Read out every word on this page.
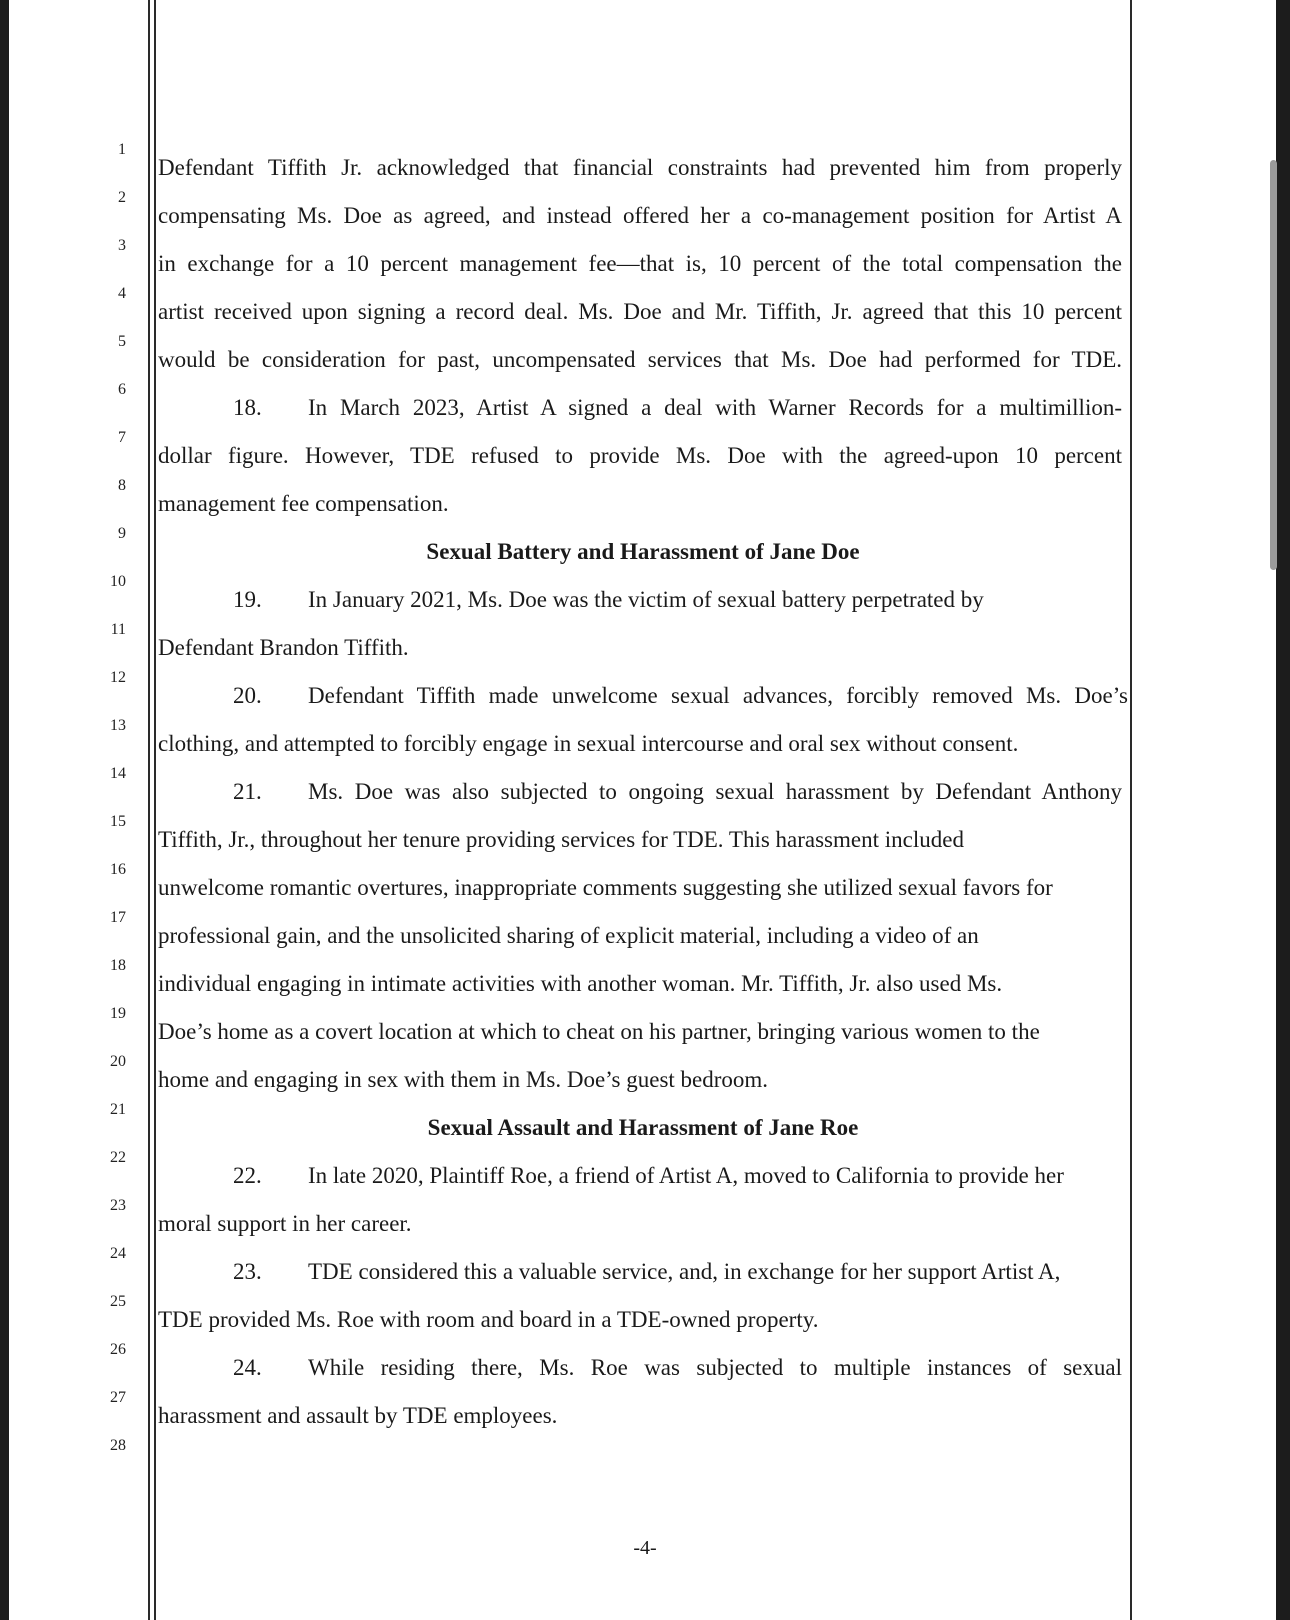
1
2
3
4
5
6
7
8
9
10
11
12
13
14
15
16
17
18
19
20
21
22
23
24
25
26
27
28
Defendant Tiffith Jr. acknowledged that financial constraints had prevented him from properly
compensating Ms. Doe as agreed, and instead offered her a co-management position for Artist A
in exchange for a 10 percent management fee—that is, 10 percent of the total compensation the
artist received upon signing a record deal. Ms. Doe and Mr. Tiffith, Jr. agreed that this 10 percent
would be consideration for past, uncompensated services that Ms. Doe had performed for TDE.
18. In March 2023, Artist A signed a deal with Warner Records for a multimillion-
dollar figure. However, TDE refused to provide Ms. Doe with the agreed-upon 10 percent
management fee compensation.
Sexual Battery and Harassment of Jane Doe
19. In January 2021, Ms. Doe was the victim of sexual battery perpetrated by
Defendant Brandon Tiffith.
20. Defendant Tiffith made unwelcome sexual advances, forcibly removed Ms. Doe’s
clothing, and attempted to forcibly engage in sexual intercourse and oral sex without consent.
21. Ms. Doe was also subjected to ongoing sexual harassment by Defendant Anthony
Tiffith, Jr., throughout her tenure providing services for TDE. This harassment included
unwelcome romantic overtures, inappropriate comments suggesting she utilized sexual favors for
professional gain, and the unsolicited sharing of explicit material, including a video of an
individual engaging in intimate activities with another woman. Mr. Tiffith, Jr. also used Ms.
Doe’s home as a covert location at which to cheat on his partner, bringing various women to the
home and engaging in sex with them in Ms. Doe’s guest bedroom.
Sexual Assault and Harassment of Jane Roe
22. In late 2020, Plaintiff Roe, a friend of Artist A, moved to California to provide her
moral support in her career.
23. TDE considered this a valuable service, and, in exchange for her support Artist A,
TDE provided Ms. Roe with room and board in a TDE-owned property.
24. While residing there, Ms. Roe was subjected to multiple instances of sexual
harassment and assault by TDE employees.
-4-
